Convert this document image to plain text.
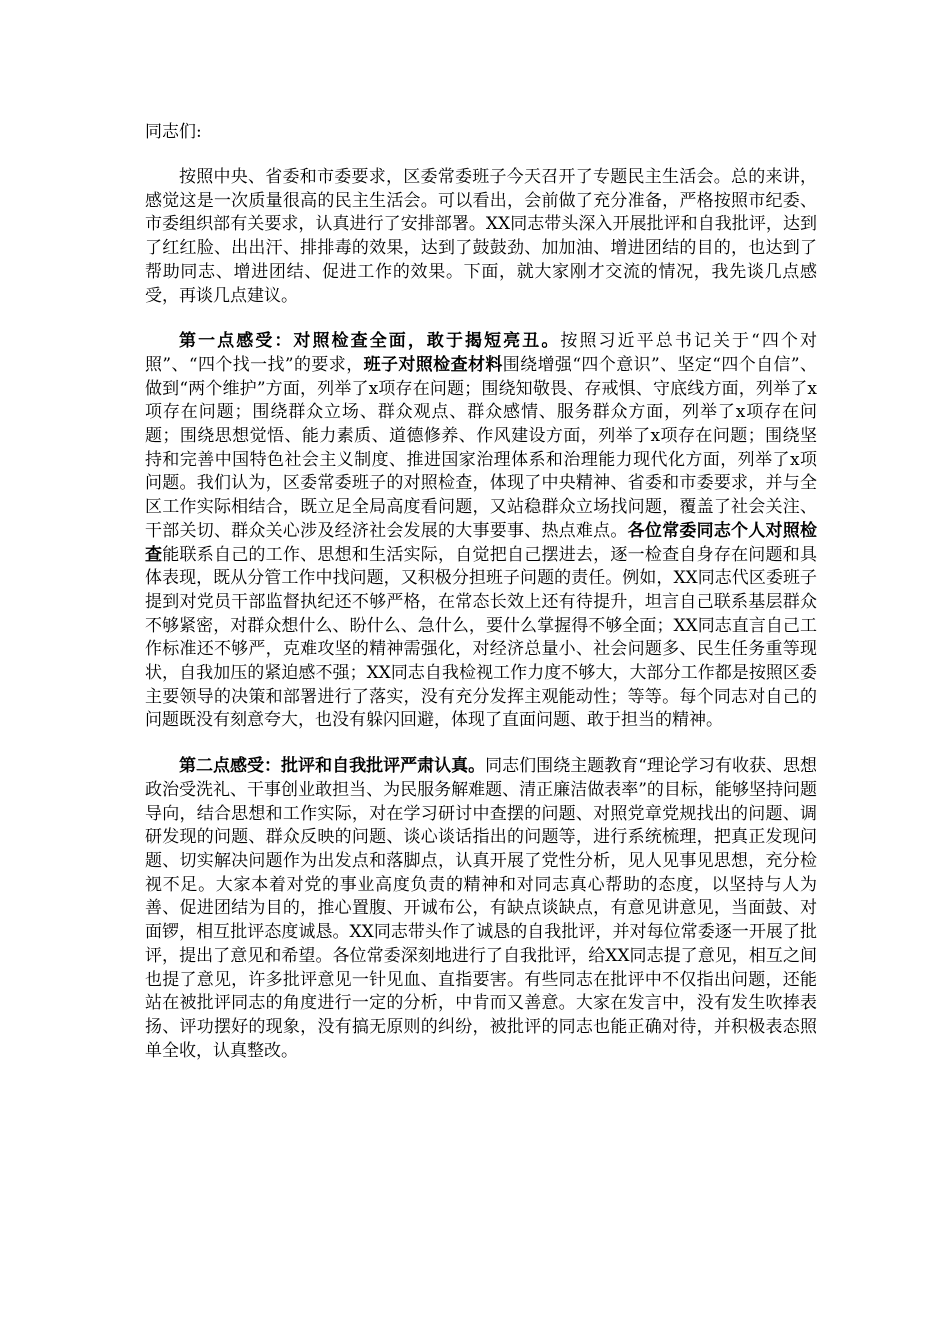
同志们:

按照中央、省委和市委要求，区委常委班子今天召开了专题民主生活会。总的来讲，感觉这是一次质量很高的民主生活会。可以看出，会前做了充分准备，严格按照市纪委、市委组织部有关要求，认真进行了安排部署。XX同志带头深入开展批评和自我批评，达到了红红脸、出出汗、排排毒的效果，达到了鼓鼓劲、加加油、增进团结的目的，也达到了帮助同志、增进团结、促进工作的效果。下面，就大家刚才交流的情况，我先谈几点感受，再谈几点建议。

第一点感受：对照检查全面，敢于揭短亮丑。按照习近平总书记关于“四个对照”、“四个找一找”的要求，班子对照检查材料围绕增强“四个意识”、坚定“四个自信”、做到“两个维护”方面，列举了x项存在问题；围绕知敬畏、存戒惧、守底线方面，列举了x项存在问题；围绕群众立场、群众观点、群众感情、服务群众方面，列举了x项存在问题；围绕思想觉悟、能力素质、道德修养、作风建设方面，列举了x项存在问题；围绕坚持和完善中国特色社会主义制度、推进国家治理体系和治理能力现代化方面，列举了x项问题。我们认为，区委常委班子的对照检查，体现了中央精神、省委和市委要求，并与全区工作实际相结合，既立足全局高度看问题，又站稳群众立场找问题，覆盖了社会关注、干部关切、群众关心涉及经济社会发展的大事要事、热点难点。各位常委同志个人对照检查能联系自己的工作、思想和生活实际，自觉把自己摆进去，逐一检查自身存在问题和具体表现，既从分管工作中找问题，又积极分担班子问题的责任。例如，XX同志代区委班子提到对党员干部监督执纪还不够严格，在常态长效上还有待提升，坦言自己联系基层群众不够紧密，对群众想什么、盼什么、急什么，要什么掌握得不够全面；XX同志直言自己工作标准还不够严，克难攻坚的精神需强化，对经济总量小、社会问题多、民生任务重等现状，自我加压的紧迫感不强；XX同志自我检视工作力度不够大，大部分工作都是按照区委主要领导的决策和部署进行了落实，没有充分发挥主观能动性；等等。每个同志对自己的问题既没有刻意夸大，也没有躲闪回避，体现了直面问题、敢于担当的精神。

第二点感受：批评和自我批评严肃认真。同志们围绕主题教育“理论学习有收获、思想政治受洗礼、干事创业敢担当、为民服务解难题、清正廉洁做表率”的目标，能够坚持问题导向，结合思想和工作实际，对在学习研讨中查摆的问题、对照党章党规找出的问题、调研发现的问题、群众反映的问题、谈心谈话指出的问题等，进行系统梳理，把真正发现问题、切实解决问题作为出发点和落脚点，认真开展了党性分析，见人见事见思想，充分检视不足。大家本着对党的事业高度负责的精神和对同志真心帮助的态度，以坚持与人为善、促进团结为目的，推心置腹、开诚布公，有缺点谈缺点，有意见讲意见，当面鼓、对面锣，相互批评态度诚恳。XX同志带头作了诚恳的自我批评，并对每位常委逐一开展了批评，提出了意见和希望。各位常委深刻地进行了自我批评，给XX同志提了意见，相互之间也提了意见，许多批评意见一针见血、直指要害。有些同志在批评中不仅指出问题，还能站在被批评同志的角度进行一定的分析，中肯而又善意。大家在发言中，没有发生吹捧表扬、评功摆好的现象，没有搞无原则的纠纷，被批评的同志也能正确对待，并积极表态照单全收，认真整改。
